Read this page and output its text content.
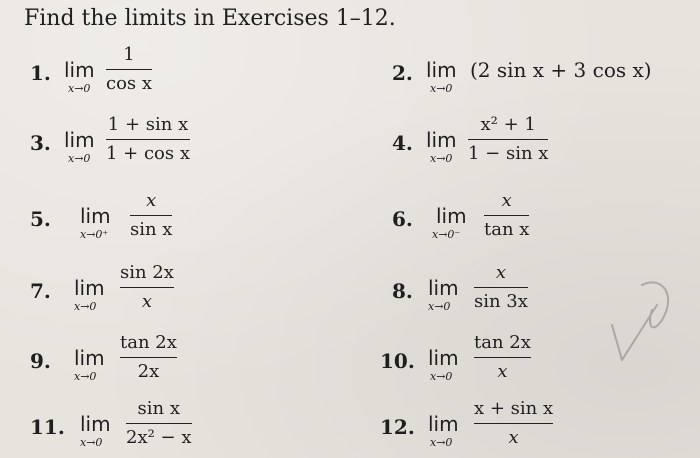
Find the limits in Exercises 1–12.
1. lim
x→0
1
cos x	2. lim
x→0
(2 sin x + 3 cos x)
3. lim
x→0
1 + sin x
1 + cos x	4. lim
x→0
x² + 1
1 − sin x
5. lim
x→0⁺
x
sin x	6. lim
x→0⁻
x
tan x
7. lim
x→0
sin 2x
x	8. lim
x→0
x
sin 3x
9. lim
x→0
tan 2x
2x	10. lim
x→0
tan 2x
x
11. lim
x→0
sin x
2x² − x	12. lim
x→0
x + sin x
x
